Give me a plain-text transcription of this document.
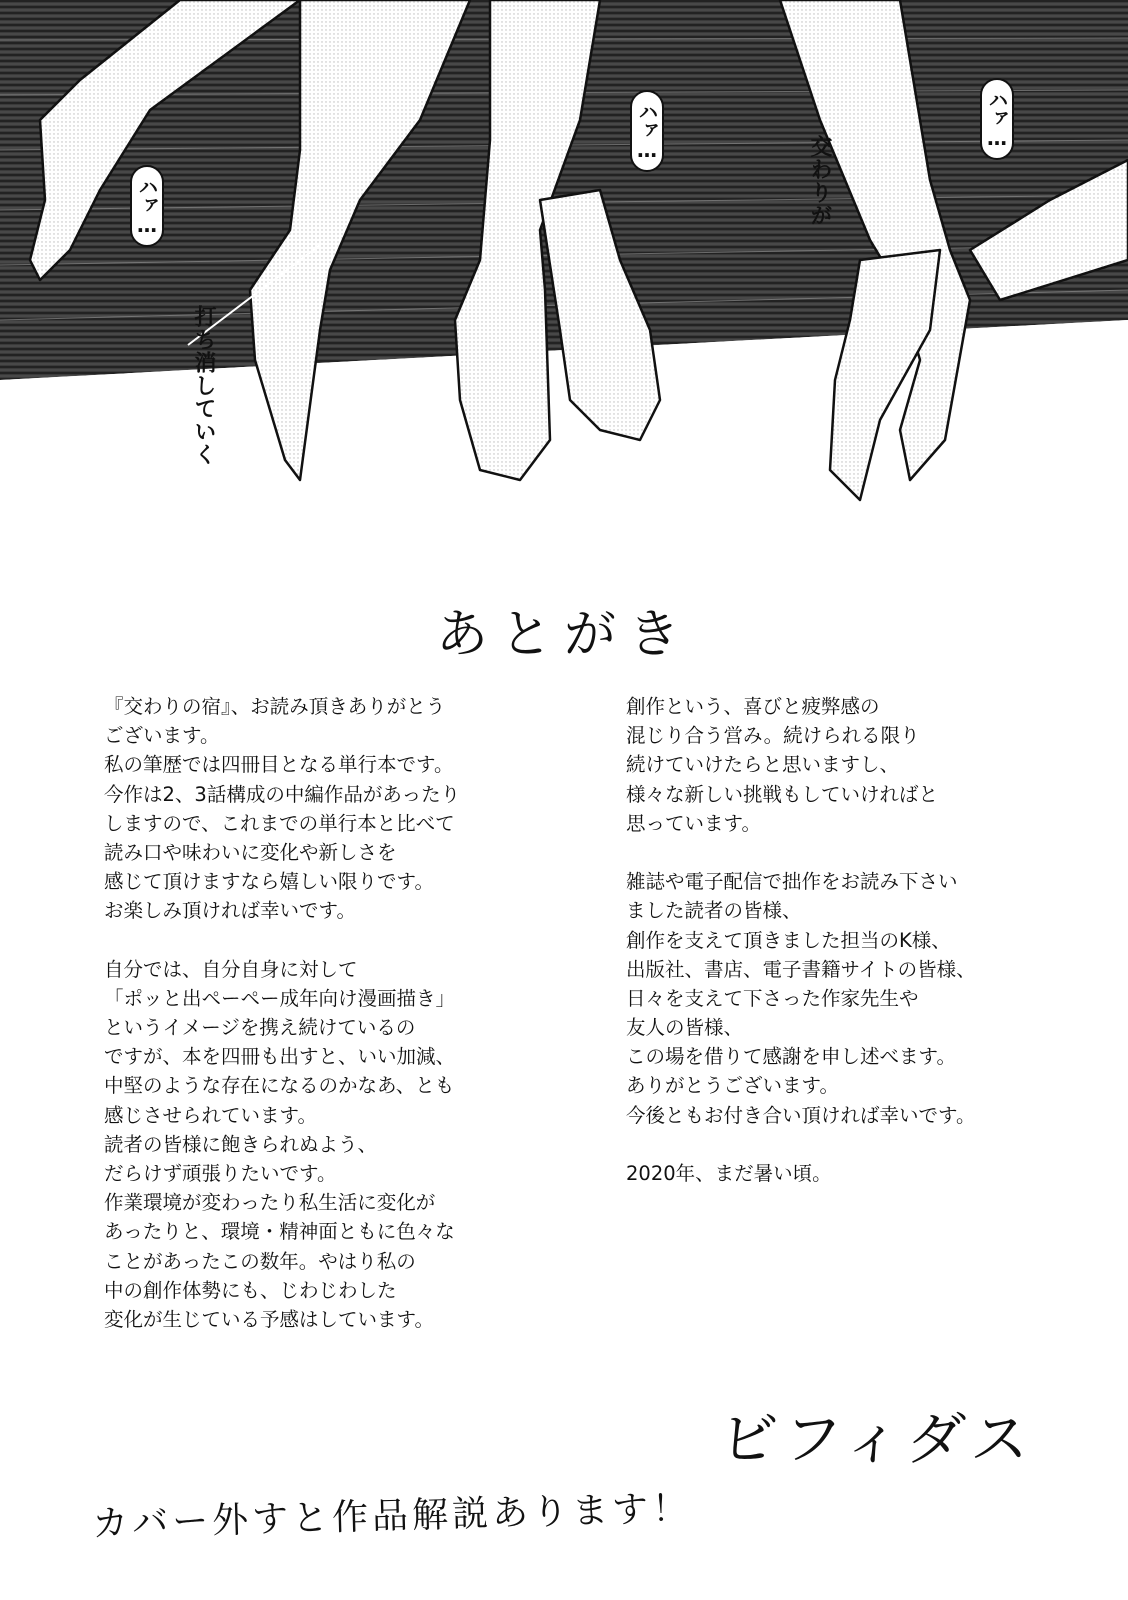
ハァ…
ハァ…	ハァ…
交わりが
打ち消していく
あとがき
『交わりの宿』、お読み頂きありがとう
ございます。
私の筆歴では四冊目となる単行本です。
今作は2、3話構成の中編作品があったり
しますので、これまでの単行本と比べて
読み口や味わいに変化や新しさを
感じて頂けますなら嬉しい限りです。
お楽しみ頂ければ幸いです。
自分では、自分自身に対して
「ポッと出ペーペー成年向け漫画描き」
というイメージを携え続けているの
ですが、本を四冊も出すと、いい加減、
中堅のような存在になるのかなあ、とも
感じさせられています。
読者の皆様に飽きられぬよう、
だらけず頑張りたいです。
作業環境が変わったり私生活に変化が
あったりと、環境・精神面ともに色々な
ことがあったこの数年。やはり私の
中の創作体勢にも、じわじわした
変化が生じている予感はしています。
創作という、喜びと疲弊感の
混じり合う営み。続けられる限り
続けていけたらと思いますし、
様々な新しい挑戦もしていければと
思っています。
雑誌や電子配信で拙作をお読み下さい
ました読者の皆様、
創作を支えて頂きました担当のK様、
出版社、書店、電子書籍サイトの皆様、
日々を支えて下さった作家先生や
友人の皆様、
この場を借りて感謝を申し述べます。
ありがとうございます。
今後ともお付き合い頂ければ幸いです。
2020年、まだ暑い頃。
ビフィダス
カバー外すと作品解説あります！
